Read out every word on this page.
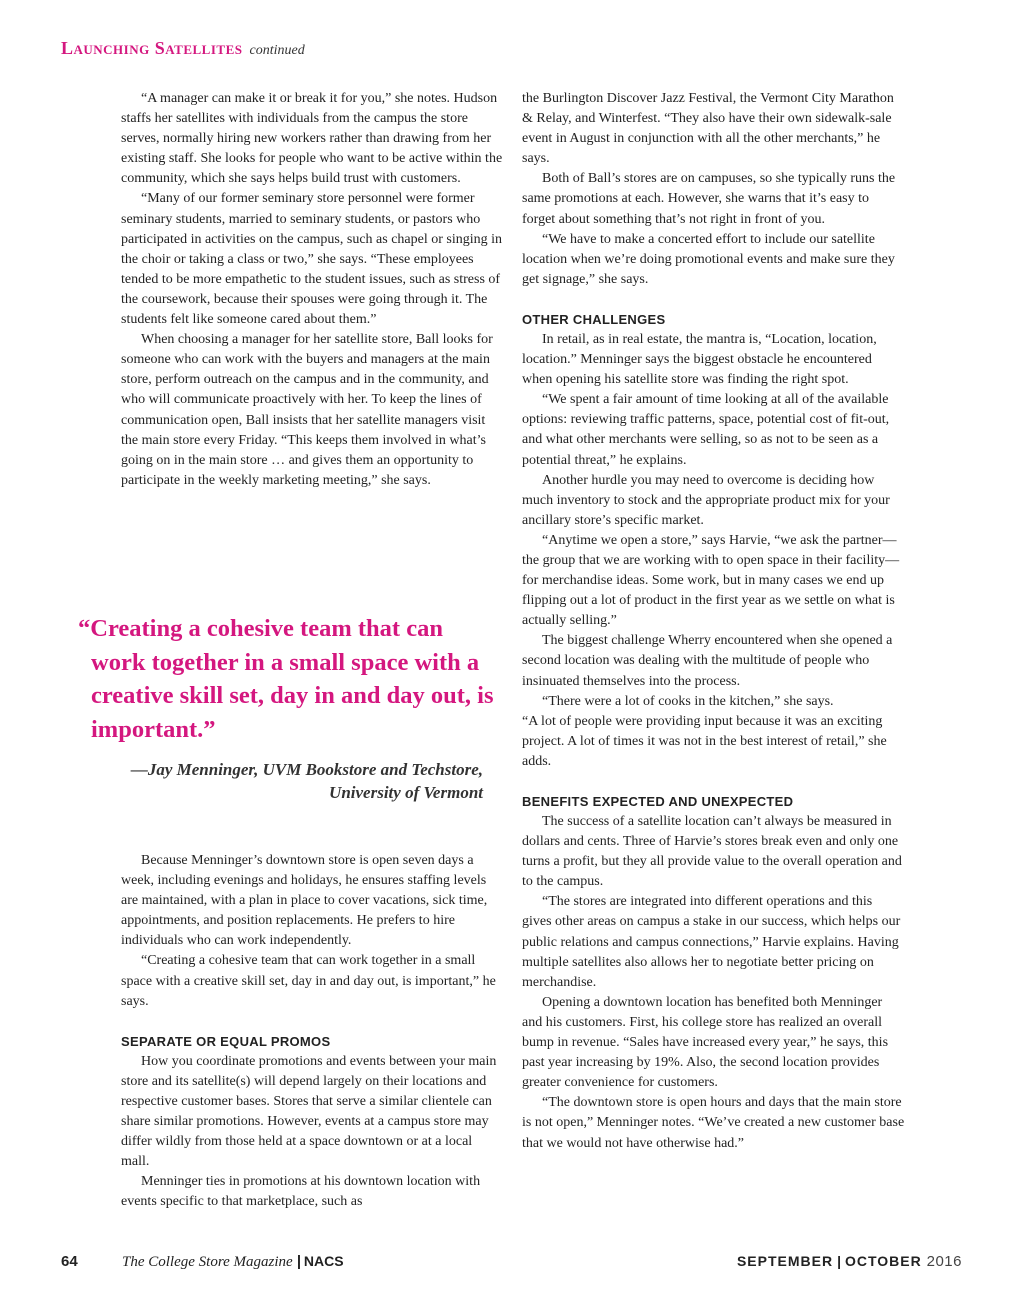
Launching Satellites continued

“A manager can make it or break it for you,” she notes. Hudson staffs her satellites with individuals from the campus the store serves, normally hiring new workers rather than drawing from her existing staff. She looks for people who want to be active within the community, which she says helps build trust with customers.

“Many of our former seminary store personnel were former seminary students, married to seminary students, or pastors who participated in activities on the campus, such as chapel or singing in the choir or taking a class or two,” she says. “These employees tended to be more empathetic to the student issues, such as stress of the coursework, because their spouses were going through it. The students felt like someone cared about them.”

When choosing a manager for her satellite store, Ball looks for someone who can work with the buyers and managers at the main store, perform outreach on the campus and in the community, and who will communicate proactively with her. To keep the lines of communication open, Ball insists that her satellite managers visit the main store every Friday. “This keeps them involved in what’s going on in the main store … and gives them an opportunity to participate in the weekly marketing meeting,” she says.

“Creating a cohesive team that can work together in a small space with a creative skill set, day in and day out, is important.”

—Jay Menninger, UVM Bookstore and Techstore,
University of Vermont

Because Menninger’s downtown store is open seven days a week, including evenings and holidays, he ensures staffing levels are maintained, with a plan in place to cover vacations, sick time, appointments, and position replacements. He prefers to hire individuals who can work independently.

“Creating a cohesive team that can work together in a small space with a creative skill set, day in and day out, is important,” he says.

SEPARATE OR EQUAL PROMOS

How you coordinate promotions and events between your main store and its satellite(s) will depend largely on their locations and respective customer bases. Stores that serve a similar clientele can share similar promotions. However, events at a campus store may differ wildly from those held at a space downtown or at a local mall.

Menninger ties in promotions at his downtown location with events specific to that marketplace, such as

the Burlington Discover Jazz Festival, the Vermont City Marathon & Relay, and Winterfest. “They also have their own sidewalk-sale event in August in conjunction with all the other merchants,” he says.

Both of Ball’s stores are on campuses, so she typically runs the same promotions at each. However, she warns that it’s easy to forget about something that’s not right in front of you.

“We have to make a concerted effort to include our satellite location when we’re doing promotional events and make sure they get signage,” she says.

OTHER CHALLENGES

In retail, as in real estate, the mantra is, “Location, location, location.” Menninger says the biggest obstacle he encountered when opening his satellite store was finding the right spot.

“We spent a fair amount of time looking at all of the available options: reviewing traffic patterns, space, potential cost of fit-out, and what other merchants were selling, so as not to be seen as a potential threat,” he explains.

Another hurdle you may need to overcome is deciding how much inventory to stock and the appropriate product mix for your ancillary store’s specific market.

“Anytime we open a store,” says Harvie, “we ask the partner—the group that we are working with to open space in their facility—for merchandise ideas. Some work, but in many cases we end up flipping out a lot of product in the first year as we settle on what is actually selling.”

The biggest challenge Wherry encountered when she opened a second location was dealing with the multitude of people who insinuated themselves into the process.

“There were a lot of cooks in the kitchen,” she says.

“A lot of people were providing input because it was an exciting project. A lot of times it was not in the best interest of retail,” she adds.

BENEFITS EXPECTED AND UNEXPECTED

The success of a satellite location can’t always be measured in dollars and cents. Three of Harvie’s stores break even and only one turns a profit, but they all provide value to the overall operation and to the campus.

“The stores are integrated into different operations and this gives other areas on campus a stake in our success, which helps our public relations and campus connections,” Harvie explains. Having multiple satellites also allows her to negotiate better pricing on merchandise.

Opening a downtown location has benefited both Menninger and his customers. First, his college store has realized an overall bump in revenue. “Sales have increased every year,” he says, this past year increasing by 19%. Also, the second location provides greater convenience for customers.

“The downtown store is open hours and days that the main store is not open,” Menninger notes. “We’ve created a new customer base that we would not have otherwise had.”

64	The College Store Magazine | NACS	SEPTEMBER | OCTOBER 2016
